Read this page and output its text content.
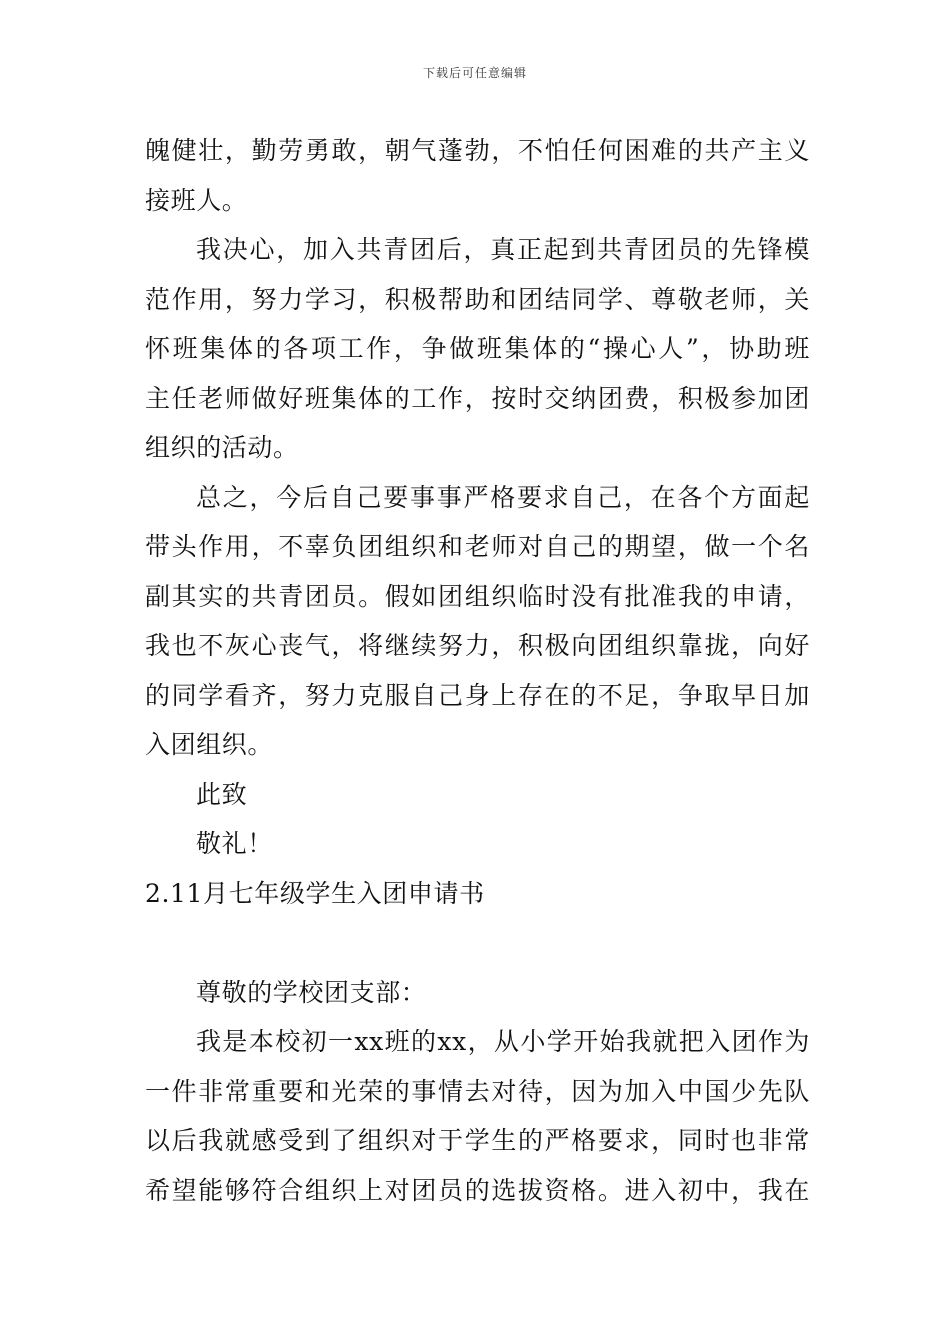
下载后可任意编辑
魄健壮，勤劳勇敢，朝气蓬勃，不怕任何困难的共产主义
接班人。
我决心，加入共青团后，真正起到共青团员的先锋模
范作用，努力学习，积极帮助和团结同学、尊敬老师，关
怀班集体的各项工作，争做班集体的“操心人”，协助班
主任老师做好班集体的工作，按时交纳团费，积极参加团
组织的活动。
总之，今后自己要事事严格要求自己，在各个方面起
带头作用，不辜负团组织和老师对自己的期望，做一个名
副其实的共青团员。假如团组织临时没有批准我的申请，
我也不灰心丧气，将继续努力，积极向团组织靠拢，向好
的同学看齐，努力克服自己身上存在的不足，争取早日加
入团组织。
此致
敬礼！
2.11月七年级学生入团申请书
尊敬的学校团支部：
我是本校初一xx班的xx，从小学开始我就把入团作为
一件非常重要和光荣的事情去对待，因为加入中国少先队
以后我就感受到了组织对于学生的严格要求，同时也非常
希望能够符合组织上对团员的选拔资格。进入初中，我在
